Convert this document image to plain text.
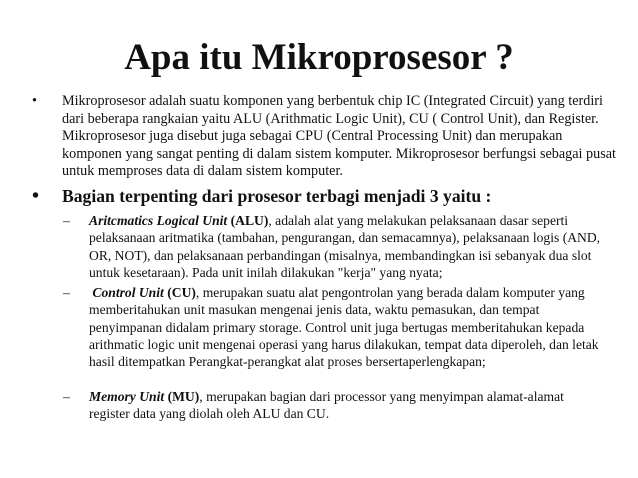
Apa itu Mikroprosesor ?
• Mikroprosesor adalah suatu komponen yang berbentuk chip IC (Integrated Circuit) yang terdiri dari beberapa rangkaian yaitu ALU (Arithmatic Logic Unit), CU ( Control Unit), dan Register. Mikroprosesor juga disebut juga sebagai CPU (Central Processing Unit) dan merupakan komponen yang sangat penting di dalam sistem komputer. Mikroprosesor berfungsi sebagai pusat untuk memproses data di dalam sistem komputer.
• Bagian terpenting dari prosesor terbagi menjadi 3 yaitu :
– Aritcmatics Logical Unit (ALU), adalah alat yang melakukan pelaksanaan dasar seperti pelaksanaan aritmatika (tambahan, pengurangan, dan semacamnya), pelaksanaan logis (AND, OR, NOT), dan pelaksanaan perbandingan (misalnya, membandingkan isi sebanyak dua slot untuk kesetaraan). Pada unit inilah dilakukan "kerja" yang nyata;
– Control Unit (CU), merupakan suatu alat pengontrolan yang berada dalam komputer yang memberitahukan unit masukan mengenai jenis data, waktu pemasukan, dan tempat penyimpanan didalam primary storage. Control unit juga bertugas memberitahukan kepada arithmatic logic unit mengenai operasi yang harus dilakukan, tempat data diperoleh, dan letak hasil ditempatkan Perangkat-perangkat alat proses bersertaperlengkapan;
– Memory Unit (MU), merupakan bagian dari processor yang menyimpan alamat-alamat register data yang diolah oleh ALU dan CU.
